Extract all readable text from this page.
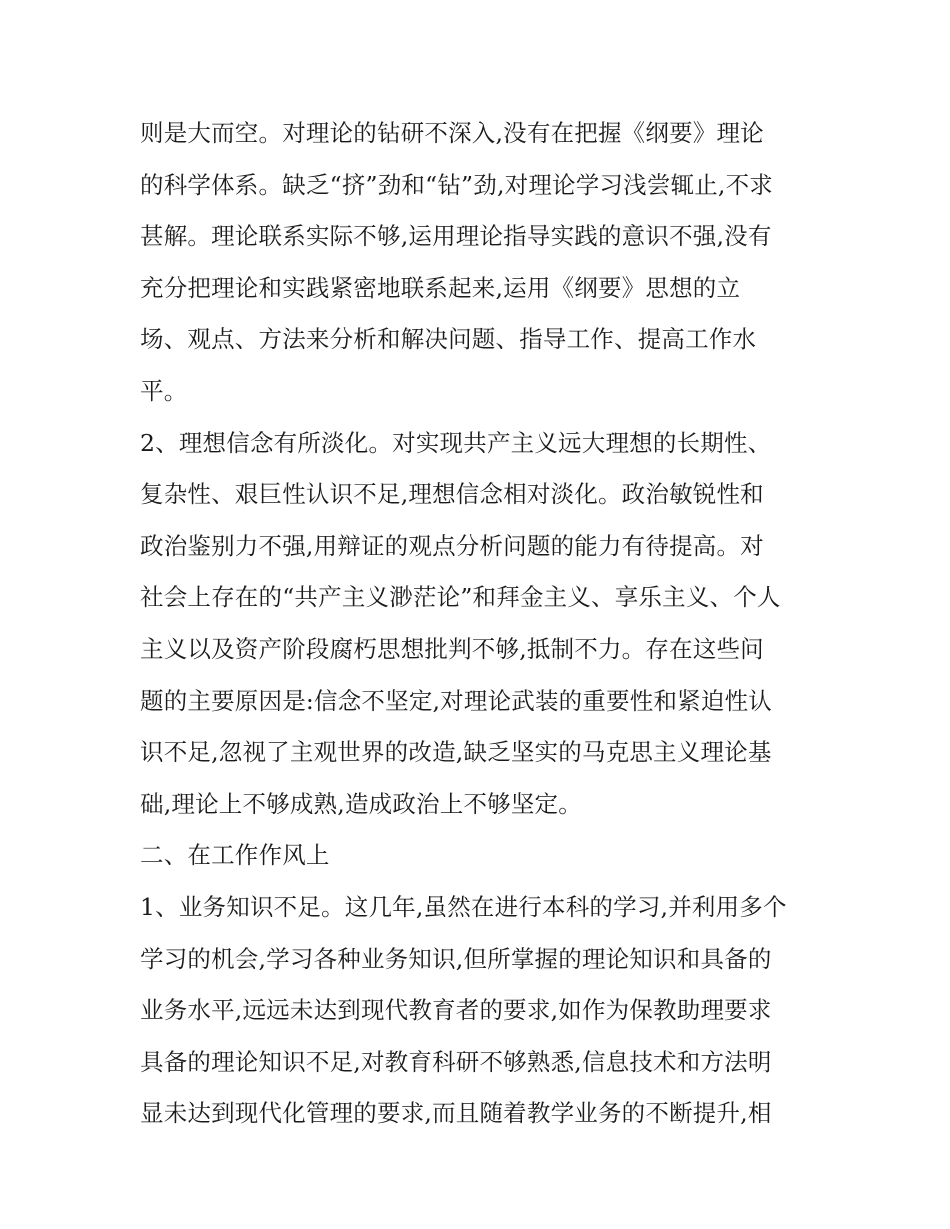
则是大而空。对理论的钻研不深入,没有在把握《纲要》理论
的科学体系。缺乏“挤”劲和“钻”劲,对理论学习浅尝辄止,不求
甚解。理论联系实际不够,运用理论指导实践的意识不强,没有
充分把理论和实践紧密地联系起来,运用《纲要》思想的立
场、观点、方法来分析和解决问题、指导工作、提高工作水
平。
2、理想信念有所淡化。对实现共产主义远大理想的长期性、
复杂性、艰巨性认识不足,理想信念相对淡化。政治敏锐性和
政治鉴别力不强,用辩证的观点分析问题的能力有待提高。对
社会上存在的“共产主义渺茫论”和拜金主义、享乐主义、个人
主义以及资产阶段腐朽思想批判不够,抵制不力。存在这些问
题的主要原因是:信念不坚定,对理论武装的重要性和紧迫性认
识不足,忽视了主观世界的改造,缺乏坚实的马克思主义理论基
础,理论上不够成熟,造成政治上不够坚定。
二、在工作作风上
1、业务知识不足。这几年,虽然在进行本科的学习,并利用多个
学习的机会,学习各种业务知识,但所掌握的理论知识和具备的
业务水平,远远未达到现代教育者的要求,如作为保教助理要求
具备的理论知识不足,对教育科研不够熟悉,信息技术和方法明
显未达到现代化管理的要求,而且随着教学业务的不断提升,相
